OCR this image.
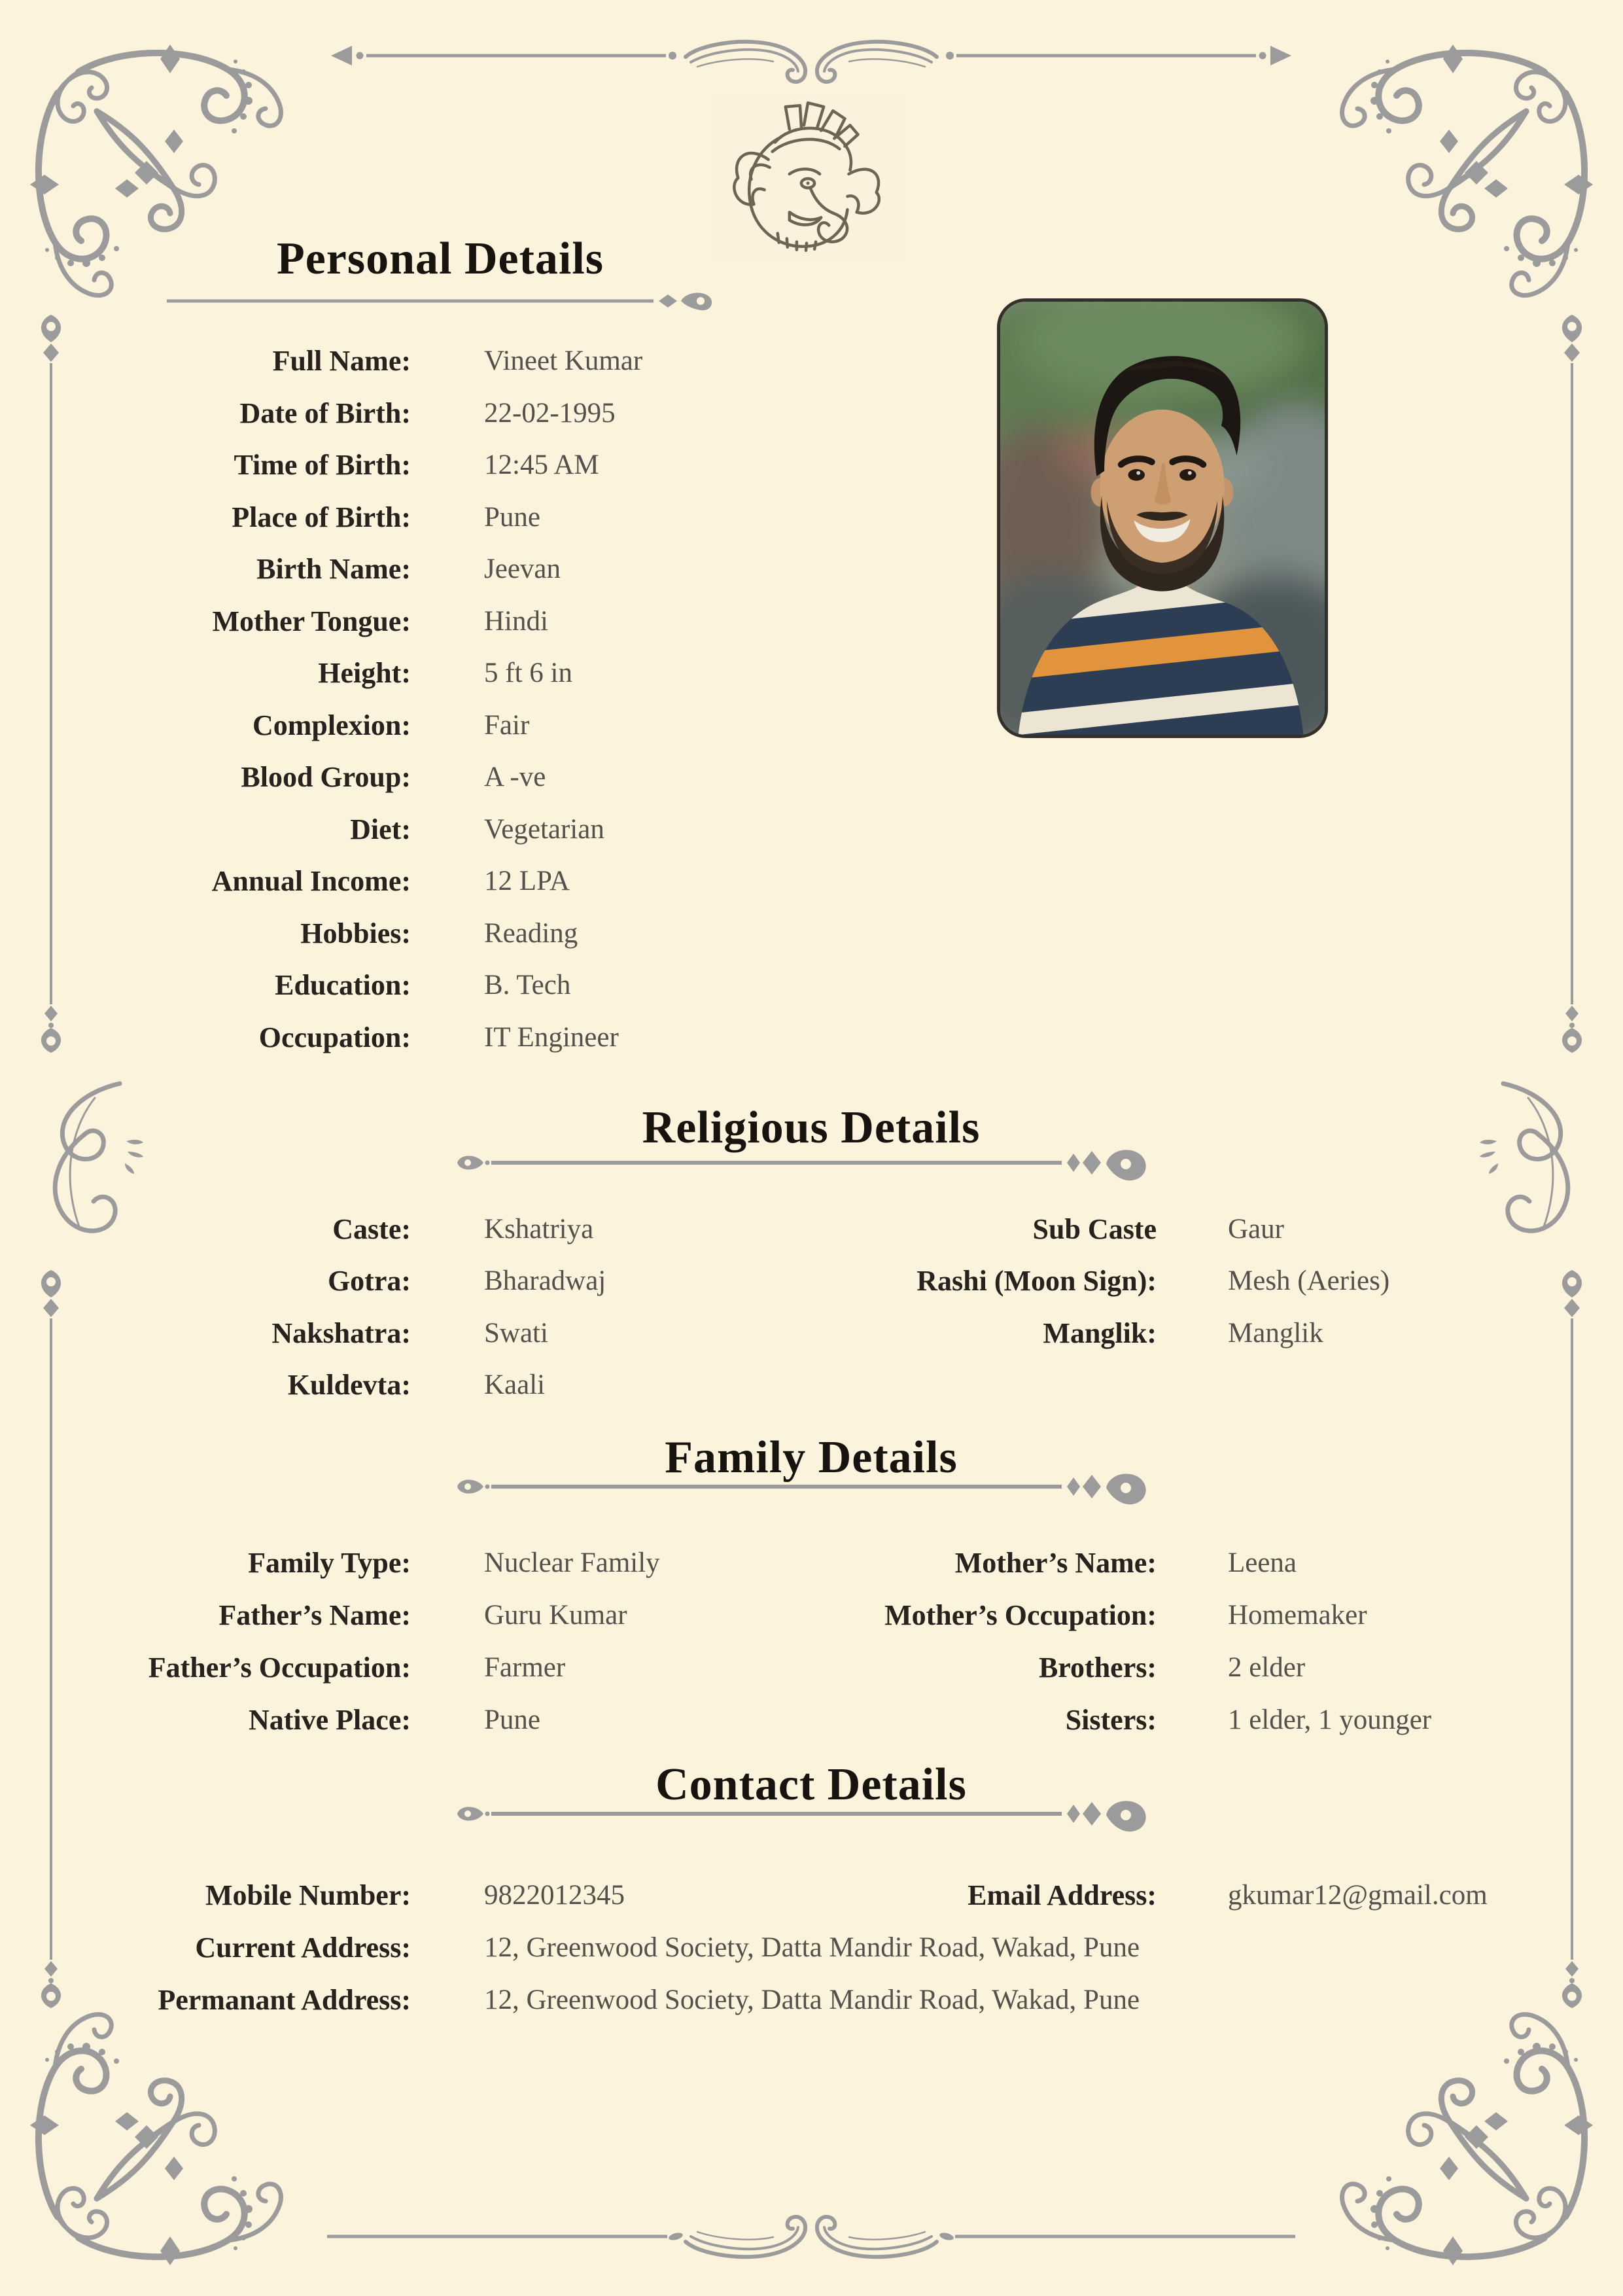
Personal Details
Full Name:	Vineet Kumar
Date of Birth:	22-02-1995
Time of Birth:	12:45 AM
Place of Birth:	Pune
Birth Name:	Jeevan
Mother Tongue:	Hindi
Height:	5 ft 6 in
Complexion:	Fair
Blood Group:	A -ve
Diet:	Vegetarian
Annual Income:	12 LPA
Hobbies:	Reading
Education:	B. Tech
Occupation:	IT Engineer
Religious Details
Caste:	Kshatriya
Gotra:	Bharadwaj
Nakshatra:	Swati
Kuldevta:	Kaali
Sub Caste	Gaur
Rashi (Moon Sign):	Mesh (Aeries)
Manglik:	Manglik
Family Details
Family Type:	Nuclear Family
Father’s Name:	Guru Kumar
Father’s Occupation:	Farmer
Native Place:	Pune
Mother’s Name:	Leena
Mother’s Occupation:	Homemaker
Brothers:	2 elder
Sisters:	1 elder, 1 younger
Contact Details
Mobile Number:	9822012345	Email Address:	gkumar12@gmail.com
Current Address:	12, Greenwood Society, Datta Mandir Road, Wakad, Pune
Permanant Address:	12, Greenwood Society, Datta Mandir Road, Wakad, Pune
